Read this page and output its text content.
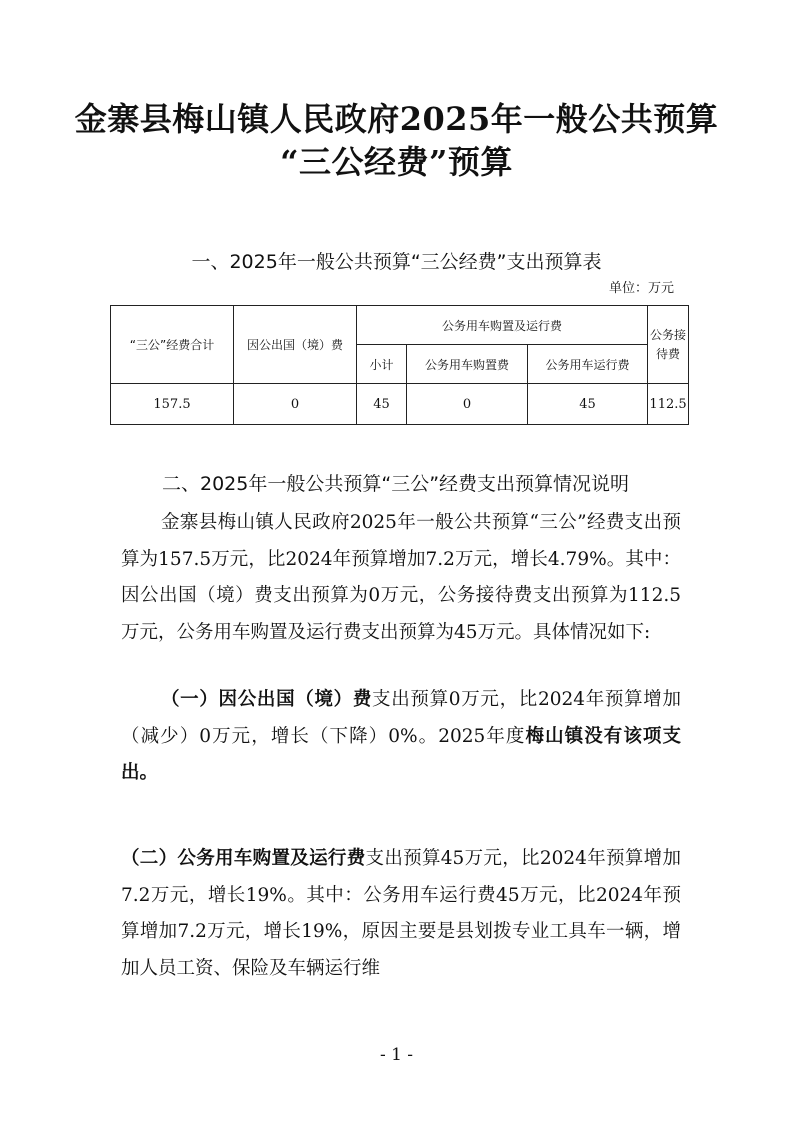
金寨县梅山镇人民政府2025年一般公共预算
“三公经费”预算
一、2025年一般公共预算“三公经费”支出预算表
单位：万元
“三公”经费合计	因公出国（境）费	公务用车购置及运行费			公务接待费
		小计	公务用车购置费	公务用车运行费	
157.5	0	45	0	45	112.5
二、2025年一般公共预算“三公”经费支出预算情况说明

金寨县梅山镇人民政府2025年一般公共预算“三公”经费支出预算为157.5万元，比2024年预算增加7.2万元，增长4.79%。其中：因公出国（境）费支出预算为0万元，公务接待费支出预算为112.5万元，公务用车购置及运行费支出预算为45万元。具体情况如下:

（一）因公出国（境）费支出预算0万元，比2024年预算增加（减少）0万元，增长（下降）0%。2025年度梅山镇没有该项支出。

（二）公务用车购置及运行费支出预算45万元，比2024年预算增加7.2万元，增长19%。其中：公务用车运行费45万元，比2024年预算增加7.2万元，增长19%，原因主要是县划拨专业工具车一辆，增加人员工资、保险及车辆运行维

- 1 -
